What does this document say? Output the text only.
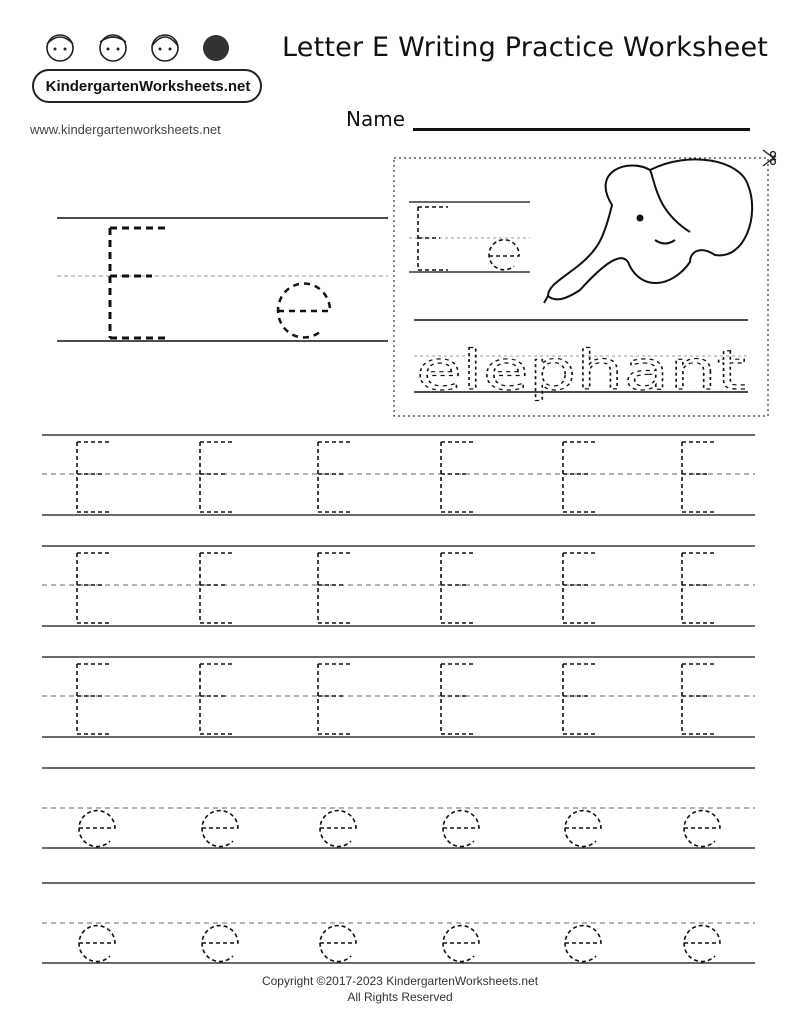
KindergartenWorksheets.net
www.kindergartenworksheets.net
Letter E Writing Practice Worksheet
Name
elephant
Copyright ©2017-2023 KindergartenWorksheets.net
All Rights Reserved
